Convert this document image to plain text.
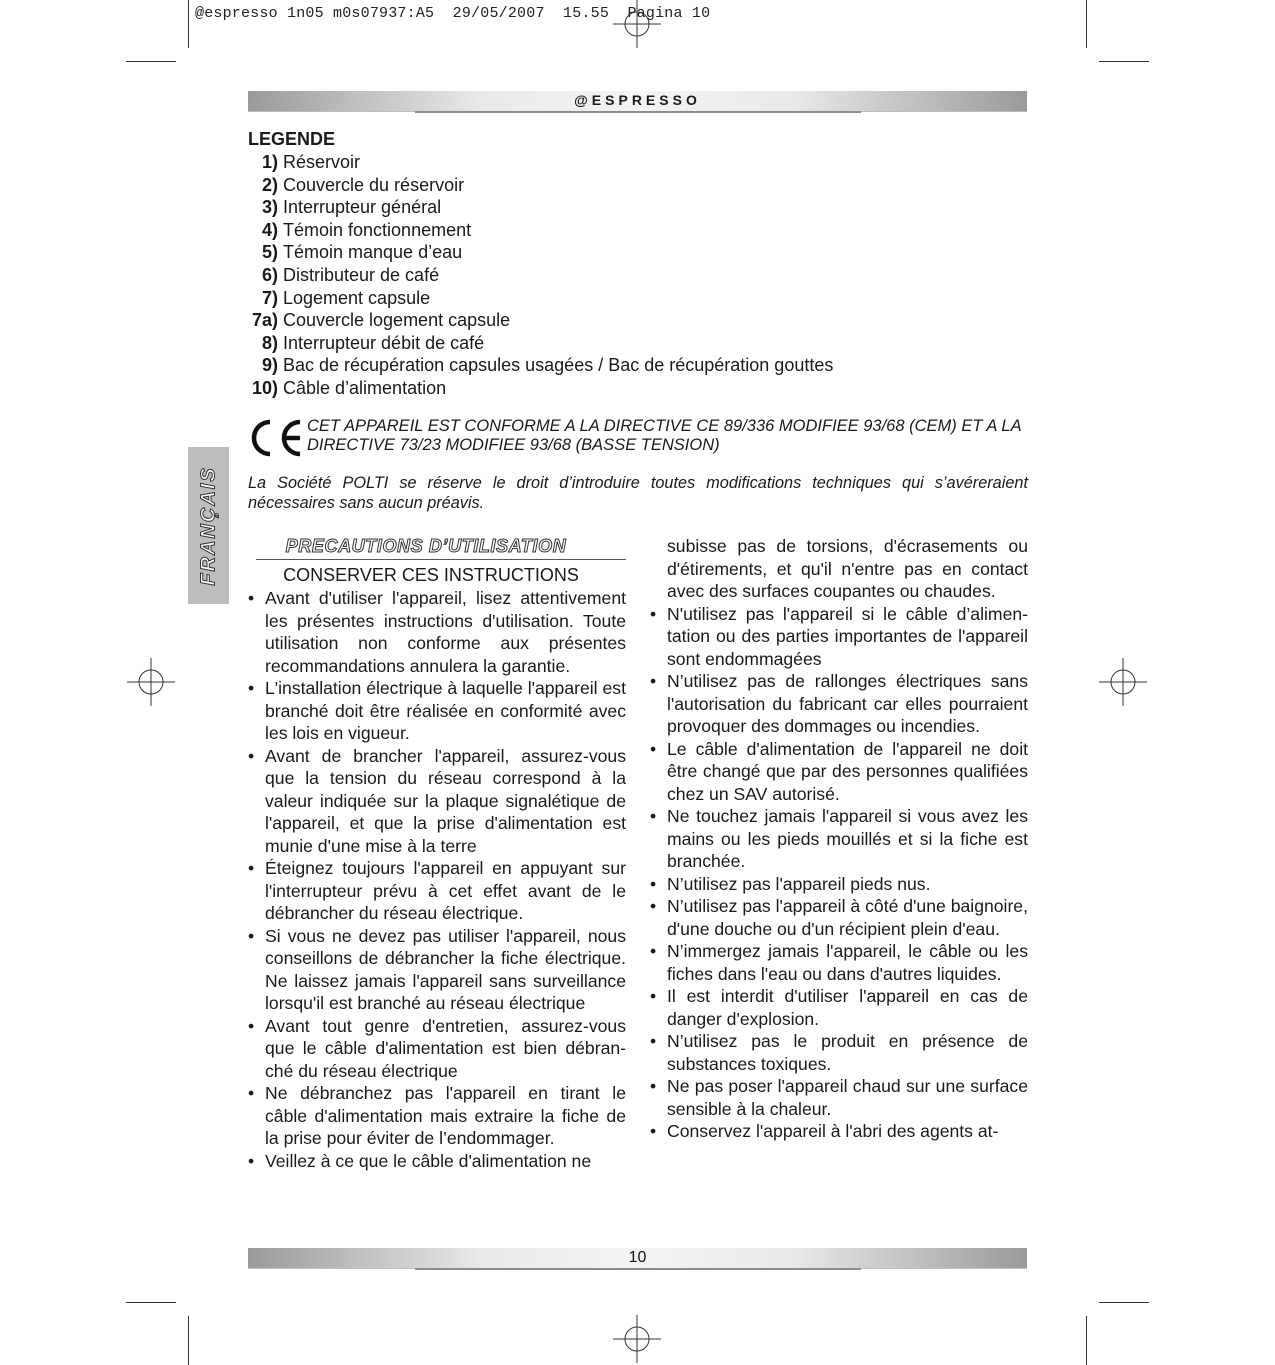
@espresso 1n05 m0s07937:A5  29/05/2007  15.55  Pagina 10
@ESPRESSO
LEGENDE
1) Réservoir
2) Couvercle du réservoir
3) Interrupteur général
4) Témoin fonctionnement
5) Témoin manque d’eau
6) Distributeur de café
7) Logement capsule
7a) Couvercle logement capsule
8) Interrupteur débit de café
9) Bac de récupération capsules usagées / Bac de récupération gouttes
10) Câble d’alimentation
CET APPAREIL EST CONFORME A LA DIRECTIVE CE 89/336 MODIFIEE 93/68 (CEM) ET A LA DIRECTIVE 73/23 MODIFIEE 93/68 (BASSE TENSION)
La Société POLTI se réserve le droit d’introduire toutes modifications techniques qui s’avéreraient nécessaires sans aucun préavis.
FRANÇAIS	PRECAUTIONS D’UTILISATION
CONSERVER CES INSTRUCTIONS
• Avant d'utiliser l'appareil, lisez attentivement les présentes instructions d'utilisation. Toute utilisation non conforme aux présentes recommandations annulera la garantie.
• L'installation électrique à laquelle l'appareil est branché doit être réalisée en conformité avec les lois en vigueur.
• Avant de brancher l'appareil, assurez-vous que la tension du réseau correspond à la valeur indiquée sur la plaque signalétique de l'appareil, et que la prise d'alimentation est munie d'une mise à la terre
• Éteignez toujours l'appareil en appuyant sur l'interrupteur prévu à cet effet avant de le débrancher du réseau électrique.
• Si vous ne devez pas utiliser l'appareil, nous conseillons de débrancher la fiche électrique. Ne laissez jamais l'appareil sans surveillance lorsqu'il est branché au réseau électrique
• Avant tout genre d'entretien, assurez-vous que le câble d'alimentation est bien débranché du réseau électrique
• Ne débranchez pas l'appareil en tirant le câble d'alimentation mais extraire la fiche de la prise pour éviter de l’endommager.
• Veillez à ce que le câble d'alimentation ne
subisse pas de torsions, d'écrasements ou d'étirements, et qu'il n'entre pas en contact avec des surfaces coupantes ou chaudes.
• N'utilisez pas l'appareil si le câble d’alimentation ou des parties importantes de l'appareil sont endommagées
• N’utilisez pas de rallonges électriques sans l'autorisation du fabricant car elles pourraient provoquer des dommages ou incendies.
• Le câble d'alimentation de l'appareil ne doit être changé que par des personnes qualifiées chez un SAV autorisé.
• Ne touchez jamais l'appareil si vous avez les mains ou les pieds mouillés et si la fiche est branchée.
• N’utilisez pas l'appareil pieds nus.
• N’utilisez pas l'appareil à côté d'une baignoire, d'une douche ou d'un récipient plein d'eau.
• N’immergez jamais l'appareil, le câble ou les fiches dans l'eau ou dans d'autres liquides.
• Il est interdit d'utiliser l'appareil en cas de danger d'explosion.
• N’utilisez pas le produit en présence de substances toxiques.
• Ne pas poser l'appareil chaud sur une surface sensible à la chaleur.
• Conservez l'appareil à l'abri des agents at-
10
